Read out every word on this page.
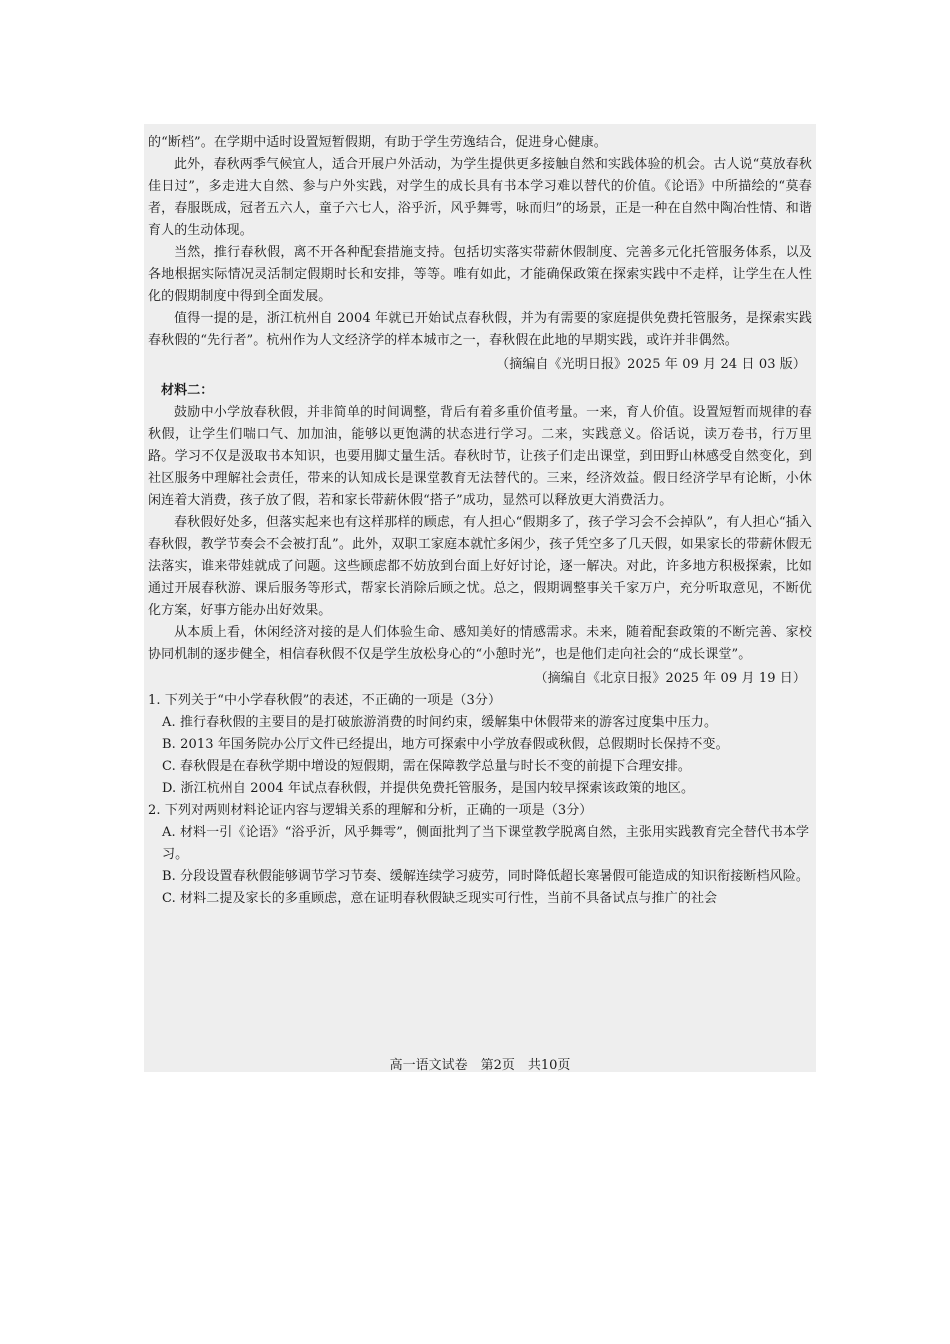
的“断档”。在学期中适时设置短暂假期，有助于学生劳逸结合，促进身心健康。

此外，春秋两季气候宜人，适合开展户外活动，为学生提供更多接触自然和实践体验的机会。古人说“莫放春秋佳日过”，多走进大自然、参与户外实践，对学生的成长具有书本学习难以替代的价值。《论语》中所描绘的“莫春者，春服既成，冠者五六人，童子六七人，浴乎沂，风乎舞雩，咏而归”的场景，正是一种在自然中陶冶性情、和谐育人的生动体现。

当然，推行春秋假，离不开各种配套措施支持。包括切实落实带薪休假制度、完善多元化托管服务体系，以及各地根据实际情况灵活制定假期时长和安排，等等。唯有如此，才能确保政策在探索实践中不走样，让学生在人性化的假期制度中得到全面发展。

值得一提的是，浙江杭州自 2004 年就已开始试点春秋假，并为有需要的家庭提供免费托管服务，是探索实践春秋假的“先行者”。杭州作为人文经济学的样本城市之一，春秋假在此地的早期实践，或许并非偶然。

（摘编自《光明日报》2025 年 09 月 24 日 03 版）

材料二：

鼓励中小学放春秋假，并非简单的时间调整，背后有着多重价值考量。一来，育人价值。设置短暂而规律的春秋假，让学生们喘口气、加加油，能够以更饱满的状态进行学习。二来，实践意义。俗话说，读万卷书，行万里路。学习不仅是汲取书本知识，也要用脚丈量生活。春秋时节，让孩子们走出课堂，到田野山林感受自然变化，到社区服务中理解社会责任，带来的认知成长是课堂教育无法替代的。三来，经济效益。假日经济学早有论断，小休闲连着大消费，孩子放了假，若和家长带薪休假“搭子”成功，显然可以释放更大消费活力。

春秋假好处多，但落实起来也有这样那样的顾虑，有人担心“假期多了，孩子学习会不会掉队”，有人担心“插入春秋假，教学节奏会不会被打乱”。此外，双职工家庭本就忙多闲少，孩子凭空多了几天假，如果家长的带薪休假无法落实，谁来带娃就成了问题。这些顾虑都不妨放到台面上好好讨论，逐一解决。对此，许多地方积极探索，比如通过开展春秋游、课后服务等形式，帮家长消除后顾之忧。总之，假期调整事关千家万户，充分听取意见，不断优化方案，好事方能办出好效果。

从本质上看，休闲经济对接的是人们体验生命、感知美好的情感需求。未来，随着配套政策的不断完善、家校协同机制的逐步健全，相信春秋假不仅是学生放松身心的“小憩时光”，也是他们走向社会的“成长课堂”。

（摘编自《北京日报》2025 年 09 月 19 日）

1. 下列关于“中小学春秋假”的表述，不正确的一项是（3分）

A. 推行春秋假的主要目的是打破旅游消费的时间约束，缓解集中休假带来的游客过度集中压力。

B. 2013 年国务院办公厅文件已经提出，地方可探索中小学放春假或秋假，总假期时长保持不变。

C. 春秋假是在春秋学期中增设的短假期，需在保障教学总量与时长不变的前提下合理安排。

D. 浙江杭州自 2004 年试点春秋假，并提供免费托管服务，是国内较早探索该政策的地区。

2. 下列对两则材料论证内容与逻辑关系的理解和分析，正确的一项是（3分）

A. 材料一引《论语》“浴乎沂，风乎舞雩”，侧面批判了当下课堂教学脱离自然，主张用实践教育完全替代书本学习。

B. 分段设置春秋假能够调节学习节奏、缓解连续学习疲劳，同时降低超长寒暑假可能造成的知识衔接断档风险。

C. 材料二提及家长的多重顾虑，意在证明春秋假缺乏现实可行性，当前不具备试点与推广的社会

高一语文试卷　第2页　共10页
